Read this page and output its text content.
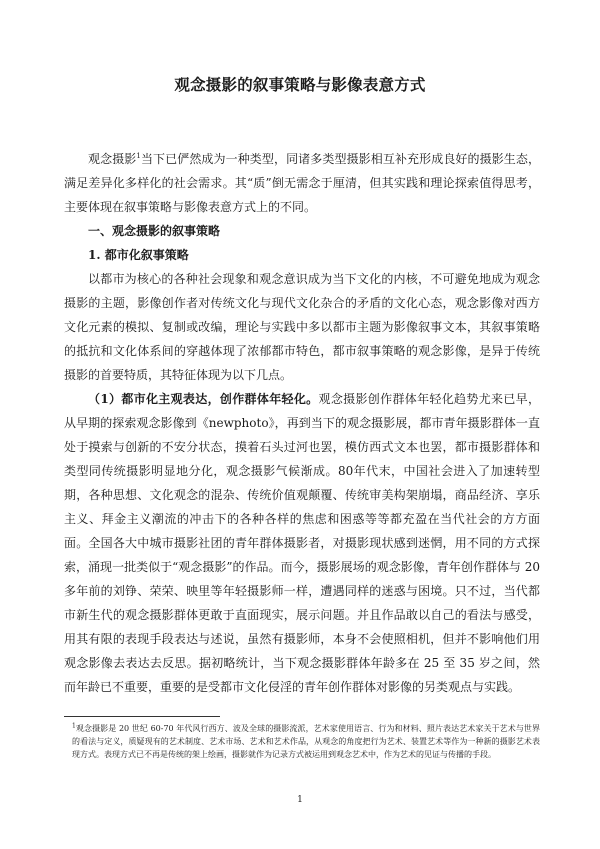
观念摄影的叙事策略与影像表意方式

观念摄影$^1$当下已俨然成为一种类型，同诸多类型摄影相互补充形成良好的摄影生态，满足差异化多样化的社会需求。其“质”倒无需念于厘清，但其实践和理论探索值得思考，主要体现在叙事策略与影像表意方式上的不同。

一、观念摄影的叙事策略

1. 都市化叙事策略

以都市为核心的各种社会现象和观念意识成为当下文化的内核，不可避免地成为观念摄影的主题，影像创作者对传统文化与现代文化杂合的矛盾的文化心态，观念影像对西方文化元素的模拟、复制或改编，理论与实践中多以都市主题为影像叙事文本，其叙事策略的抵抗和文化体系间的穿越体现了浓郁都市特色，都市叙事策略的观念影像，是异于传统摄影的首要特质，其特征体现为以下几点。

（1）都市化主观表达，创作群体年轻化。观念摄影创作群体年轻化趋势尤来已早，从早期的探索观念影像到《newphoto》，再到当下的观念摄影展，都市青年摄影群体一直处于摸索与创新的不安分状态，摸着石头过河也罢，模仿西式文本也罢，都市摄影群体和类型同传统摄影明显地分化，观念摄影气候渐成。80年代末，中国社会进入了加速转型期，各种思想、文化观念的混杂、传统价值观颠覆、传统审美构架崩塌，商品经济、享乐主义、拜金主义潮流的冲击下的各种各样的焦虑和困惑等等都充盈在当代社会的方方面面。全国各大中城市摄影社团的青年群体摄影者，对摄影现状感到迷惘，用不同的方式探索，涌现一批类似于“观念摄影”的作品。而今，摄影展场的观念影像，青年创作群体与 20 多年前的刘铮、荣荣、映里等年轻摄影师一样，遭遇同样的迷惑与困境。只不过，当代都市新生代的观念摄影群体更敢于直面现实，展示问题。并且作品敢以自己的看法与感受，用其有限的表现手段表达与述说，虽然有摄影师，本身不会使照相机，但并不影响他们用观念影像去表达去反思。据初略统计，当下观念摄影群体年龄多在 25 至 35 岁之间，然而年龄已不重要，重要的是受都市文化侵淫的青年创作群体对影像的另类观点与实践。

$^1$观念摄影是 20 世纪 60-70 年代风行西方、波及全球的摄影流派，艺术家使用语言、行为和材料、照片表达艺术家关于艺术与世界的看法与定义，质疑现有的艺术制度、艺术市场、艺术和艺术作品，从观念的角度把行为艺术、装置艺术等作为一种新的摄影艺术表现方式。表现方式已不再是传统的架上绘画，摄影就作为记录方式被运用到观念艺术中，作为艺术的见证与传播的手段。
1
